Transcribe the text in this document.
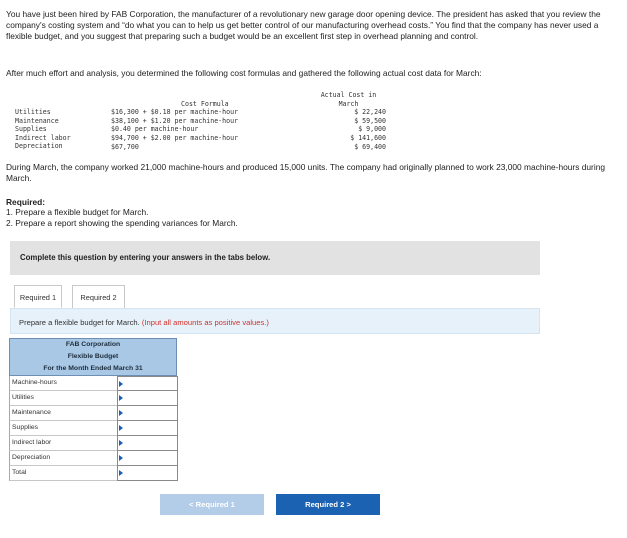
You have just been hired by FAB Corporation, the manufacturer of a revolutionary new garage door opening device. The president has asked that you review the company's costing system and “do what you can to help us get better control of our manufacturing overhead costs.” You find that the company has never used a flexible budget, and you suggest that preparing such a budget would be an excellent first step in overhead planning and control.
After much effort and analysis, you determined the following cost formulas and gathered the following actual cost data for March:
Utilities
Maintenance
Supplies
Indirect labor
Depreciation
Cost Formula
$16,300 + $0.18 per machine-hour
$38,100 + $1.20 per machine-hour
$0.40 per machine-hour
$94,700 + $2.00 per machine-hour
$67,700
Actual Cost in
March
$ 22,240
$ 59,500
$ 9,000
$ 141,600
$ 69,400
During March, the company worked 21,000 machine-hours and produced 15,000 units. The company had originally planned to work 23,000 machine-hours during March.
Required:
1. Prepare a flexible budget for March.
2. Prepare a report showing the spending variances for March.
Complete this question by entering your answers in the tabs below.
Required 1	Required 2
Prepare a flexible budget for March. (Input all amounts as positive values.)
FAB Corporation
Flexible Budget
For the Month Ended March 31
Machine-hours
Utilities
Maintenance
Supplies
Indirect labor
Depreciation
Total
< Required 1	Required 2 >
